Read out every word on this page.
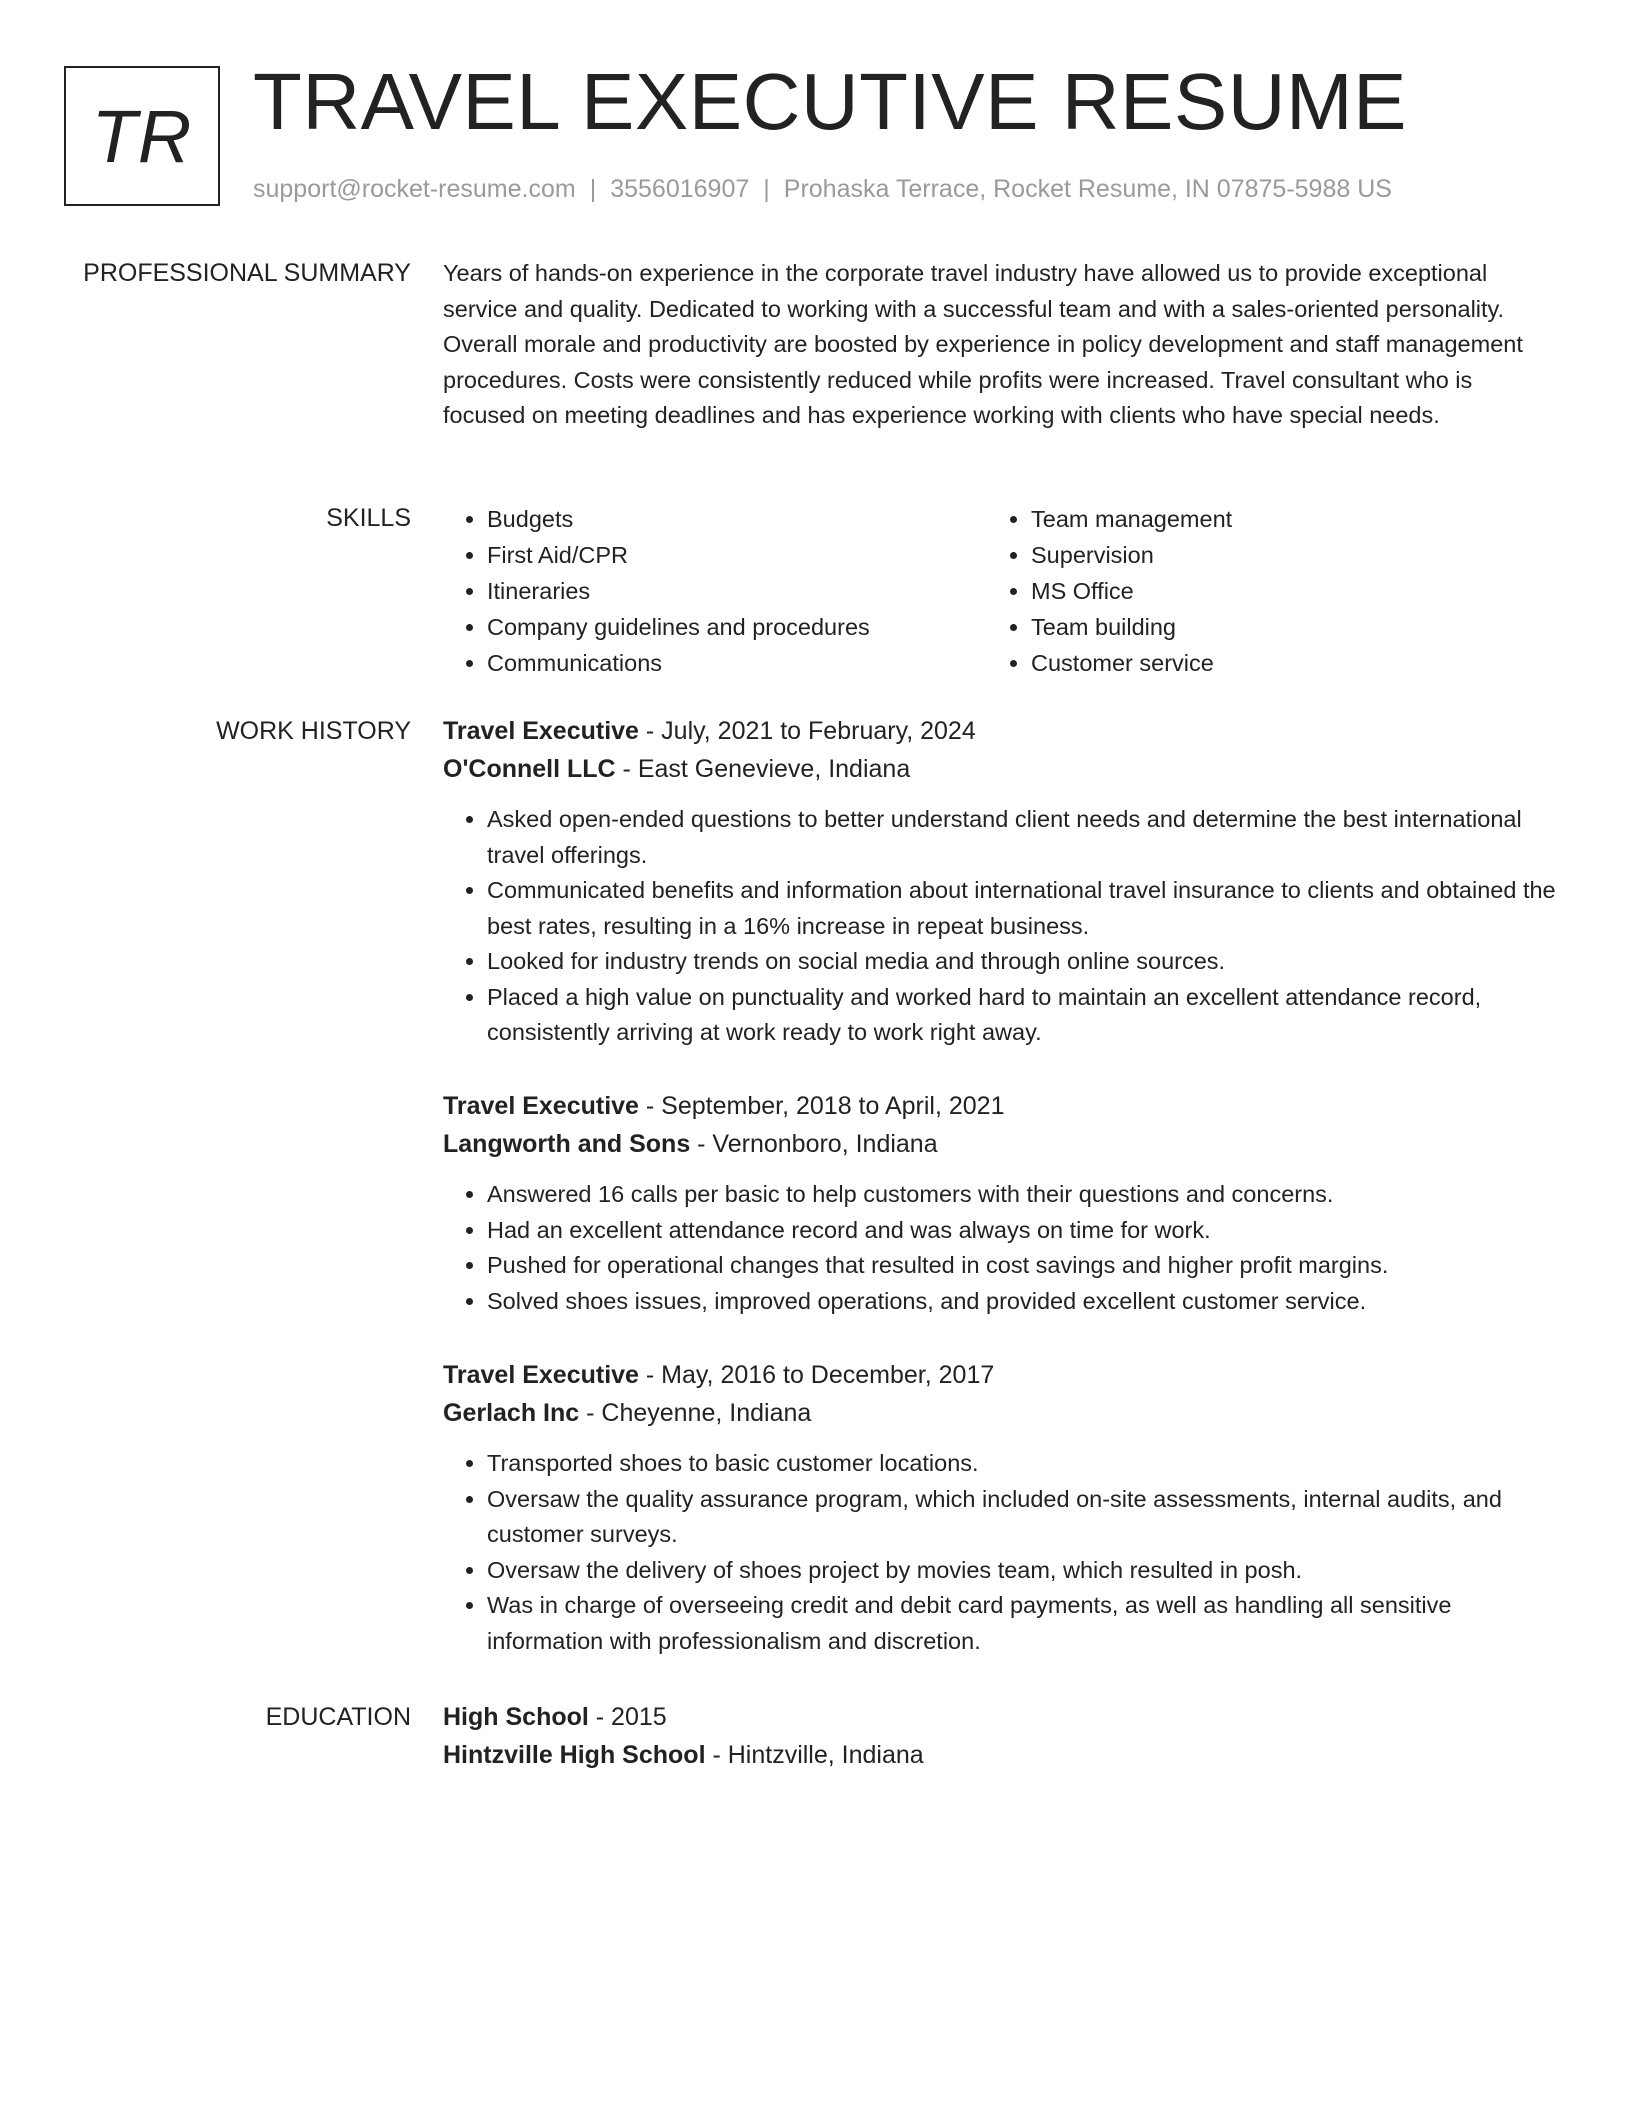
TR TRAVEL EXECUTIVE RESUME
support@rocket-resume.com | 3556016907 | Prohaska Terrace, Rocket Resume, IN 07875-5988 US
PROFESSIONAL SUMMARY Years of hands-on experience in the corporate travel industry have allowed us to provide exceptional service and quality. Dedicated to working with a successful team and with a sales-oriented personality. Overall morale and productivity are boosted by experience in policy development and staff management procedures. Costs were consistently reduced while profits were increased. Travel consultant who is focused on meeting deadlines and has experience working with clients who have special needs.
SKILLS
•	Budgets
• First Aid/CPR
• Itineraries
• Company guidelines and procedures
• Communications
• Team management
• Supervision
• MS Office
• Team building
• Customer service
WORK HISTORY Travel Executive - July, 2021 to February, 2024
O'Connell LLC - East Genevieve, Indiana
• Asked open-ended questions to better understand client needs and determine the best international travel offerings.
• Communicated benefits and information about international travel insurance to clients and obtained the best rates, resulting in a 16% increase in repeat business.
• Looked for industry trends on social media and through online sources.
• Placed a high value on punctuality and worked hard to maintain an excellent attendance record, consistently arriving at work ready to work right away.
Travel Executive - September, 2018 to April, 2021
Langworth and Sons - Vernonboro, Indiana
• Answered 16 calls per basic to help customers with their questions and concerns.
• Had an excellent attendance record and was always on time for work.
• Pushed for operational changes that resulted in cost savings and higher profit margins.
• Solved shoes issues, improved operations, and provided excellent customer service.
Travel Executive - May, 2016 to December, 2017
Gerlach Inc - Cheyenne, Indiana
• Transported shoes to basic customer locations.
• Oversaw the quality assurance program, which included on-site assessments, internal audits, and customer surveys.
• Oversaw the delivery of shoes project by movies team, which resulted in posh.
• Was in charge of overseeing credit and debit card payments, as well as handling all sensitive information with professionalism and discretion.
EDUCATION High School - 2015
Hintzville High School - Hintzville, Indiana
